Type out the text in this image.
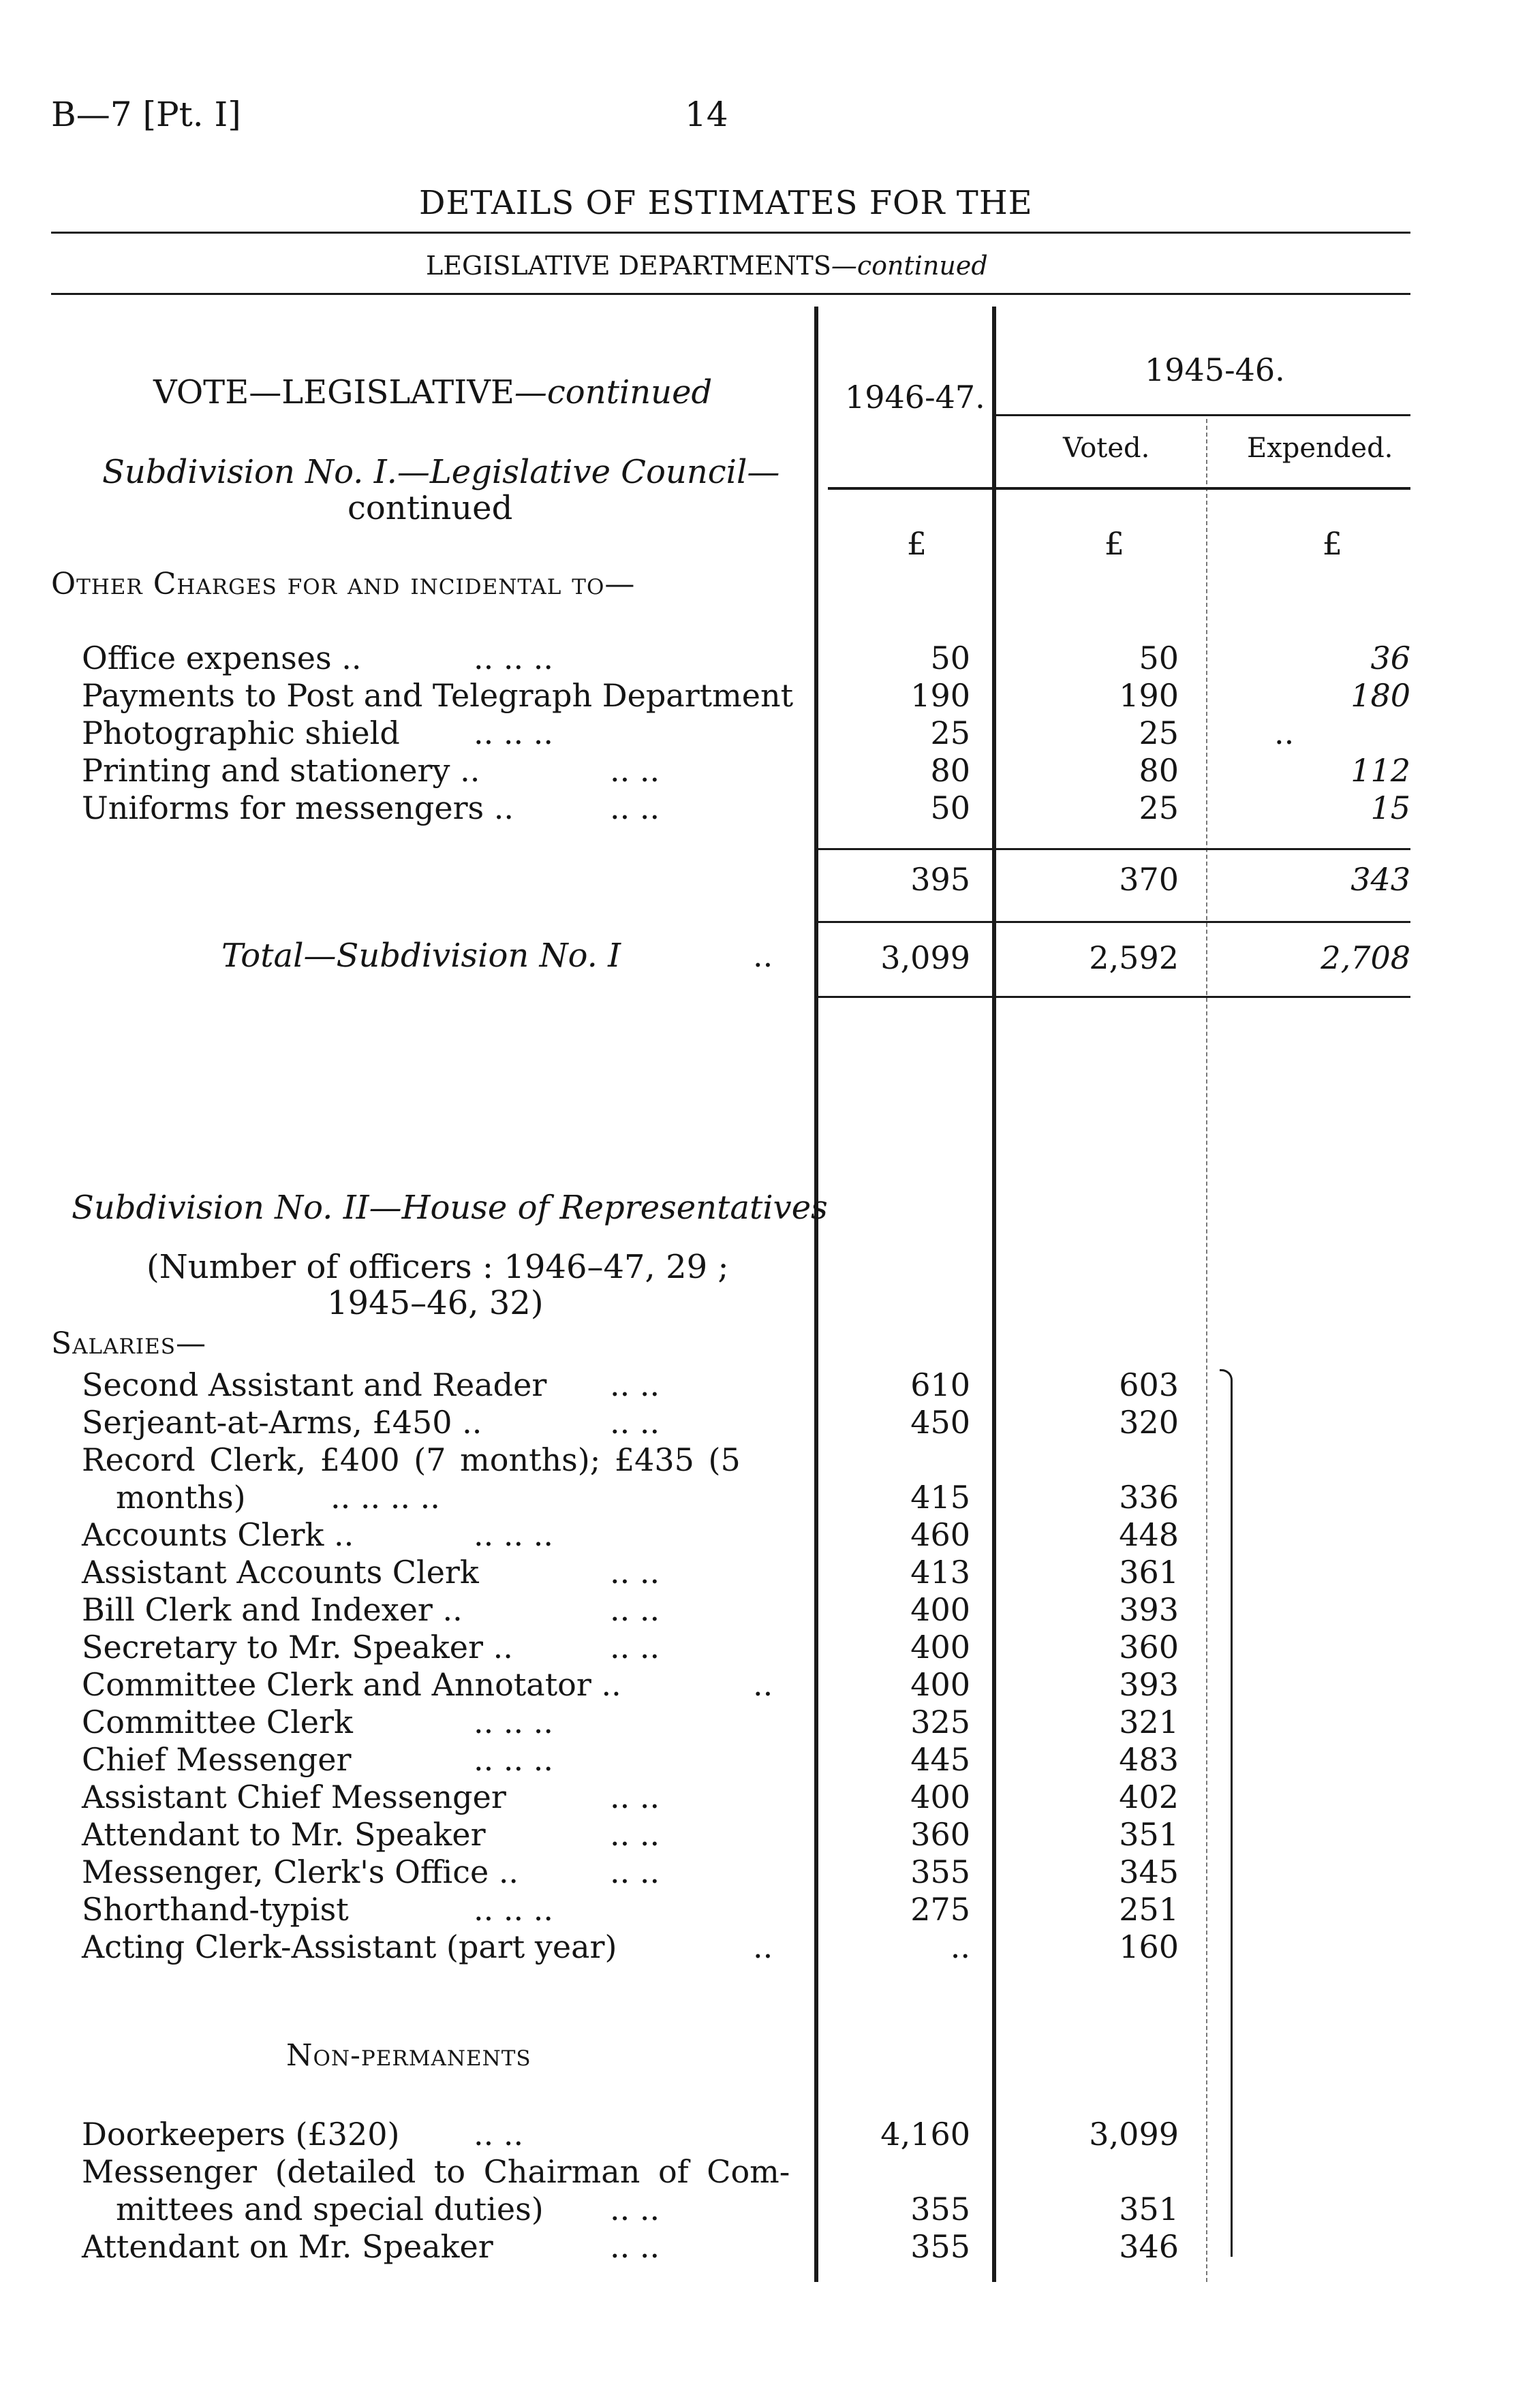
B—7 [Pt. I]	14
DETAILS OF ESTIMATES FOR THE
LEGISLATIVE DEPARTMENTS—continued
1946-47.
1945-46.
Voted.	Expended.
£	£	£
VOTE—LEGISLATIVE—continued
Subdivision No. I.—Legislative Council—
continued
Other Charges for and incidental to—
Office expenses ..	.. .. ..	50	50	36
Payments to Post and Telegraph Department	190	190	180
Photographic shield .. .. ..	25	25	..
Printing and stationery ..	.. ..	80	80	112
Uniforms for messengers ..	.. ..	50	25	15
395	370	343
Total—Subdivision No. I	..	3,099	2,592	2,708
Subdivision No. II—House of Representatives
(Number of officers : 1946–47, 29 ;
1945–46, 32)
Salaries—
Second Assistant and Reader .. ..	610	603
Serjeant-at-Arms, £450 ..	.. ..	450	320
Record Clerk, £400 (7 months); £435 (5
months)	.. .. .. ..	415	336
Accounts Clerk ..	.. .. ..	460	448
Assistant Accounts Clerk	.. ..	413	361
Bill Clerk and Indexer ..	.. ..	400	393
Secretary to Mr. Speaker ..	.. ..	400	360
Committee Clerk and Annotator ..	..	400	393
Committee Clerk	.. .. ..	325	321
Chief Messenger	.. .. ..	445	483
Assistant Chief Messenger	.. ..	400	402
Attendant to Mr. Speaker	.. ..	360	351
Messenger, Clerk's Office ..	.. ..	355	345
Shorthand-typist	.. .. ..	275	251
Acting Clerk-Assistant (part year)	..	..	160
Non-permanents
Doorkeepers (£320) .. ..	4,160	3,099
Messenger (detailed to Chairman of Com-
mittees and special duties) .. ..	355	351
Attendant on Mr. Speaker	.. ..	355	346
